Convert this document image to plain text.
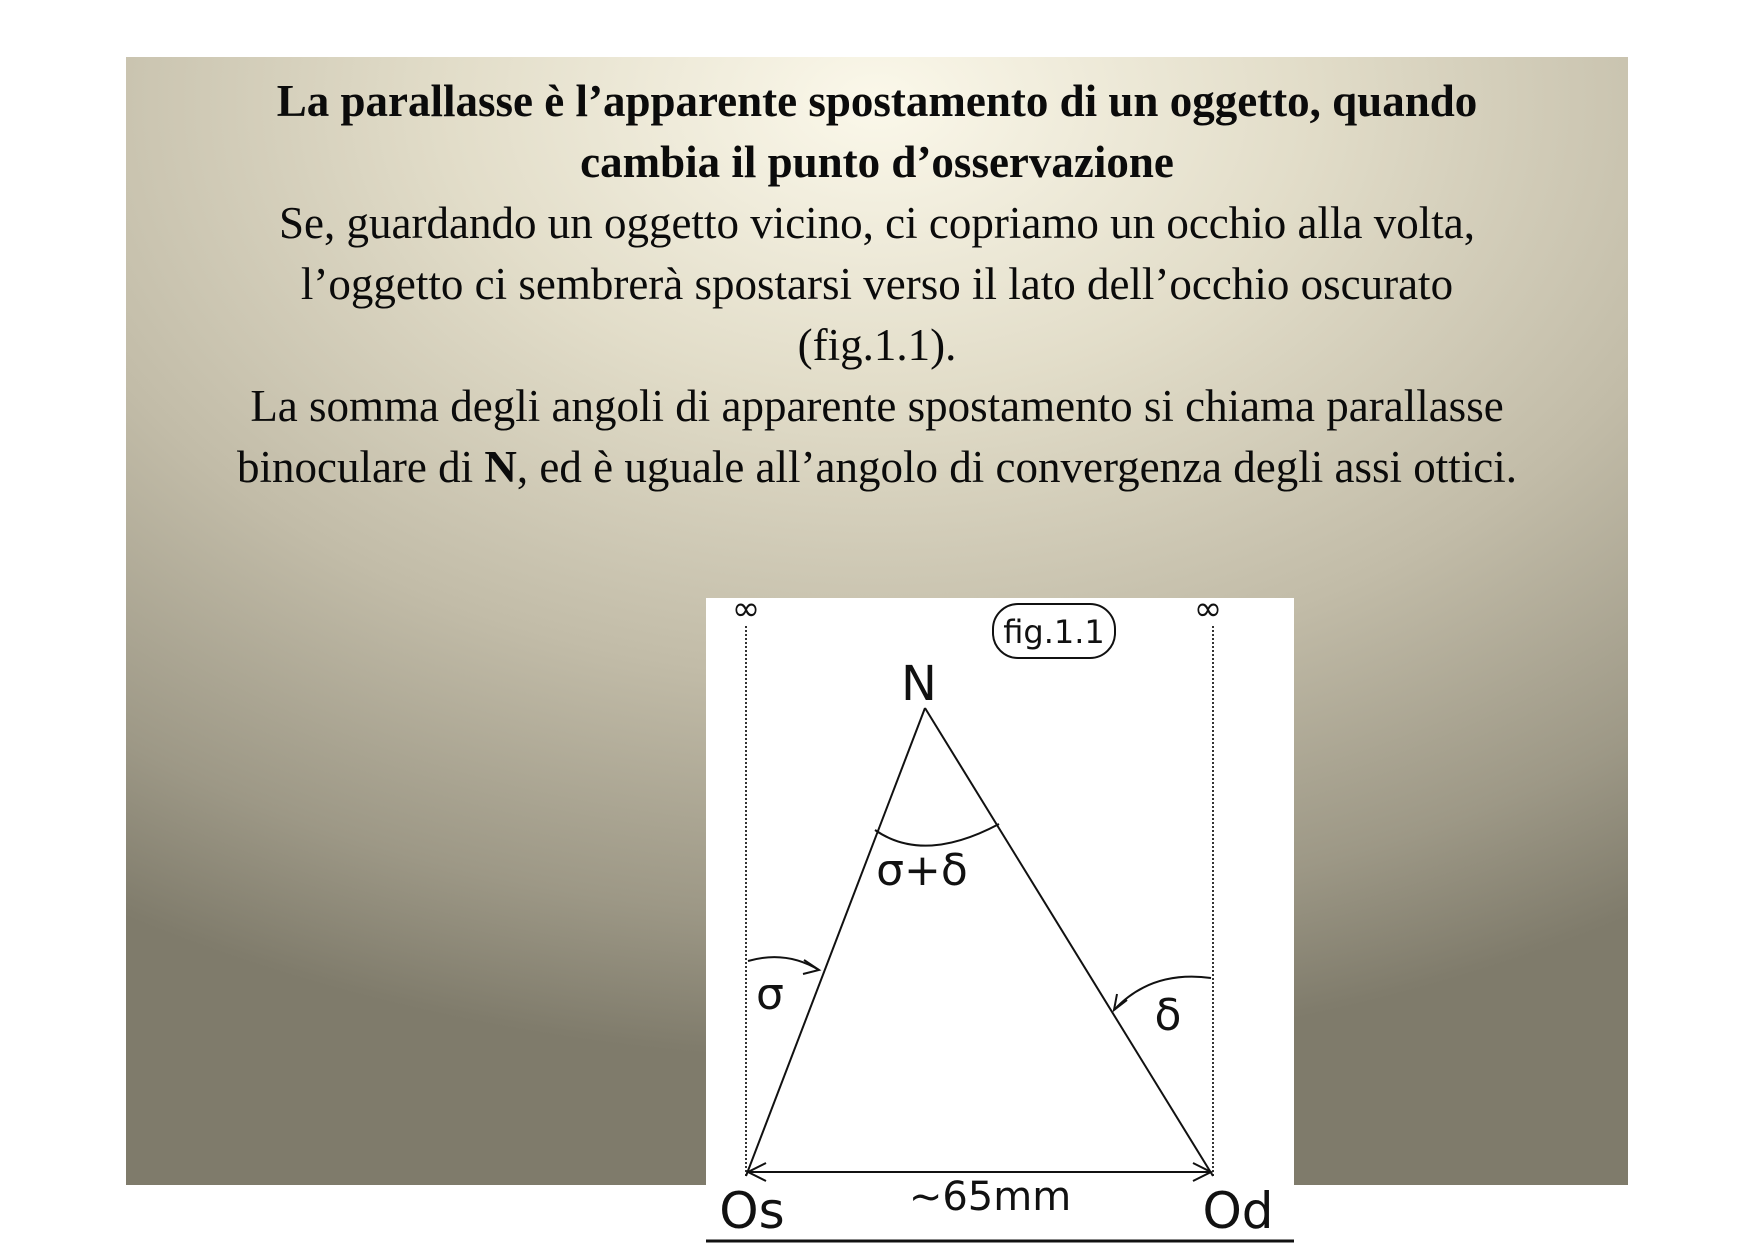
La parallasse è l’apparente spostamento di un oggetto, quando
cambia il punto d’osservazione
Se, guardando un oggetto vicino, ci copriamo un occhio alla volta,
l’oggetto ci sembrerà spostarsi verso il lato dell’occhio oscurato
(fig.1.1).
La somma degli angoli di apparente spostamento si chiama parallasse
binoculare di N, ed è uguale all’angolo di convergenza degli assi ottici.
∞	∞
fig.1.1
N
σ+δ
σ	δ
Os	~65mm	Od
